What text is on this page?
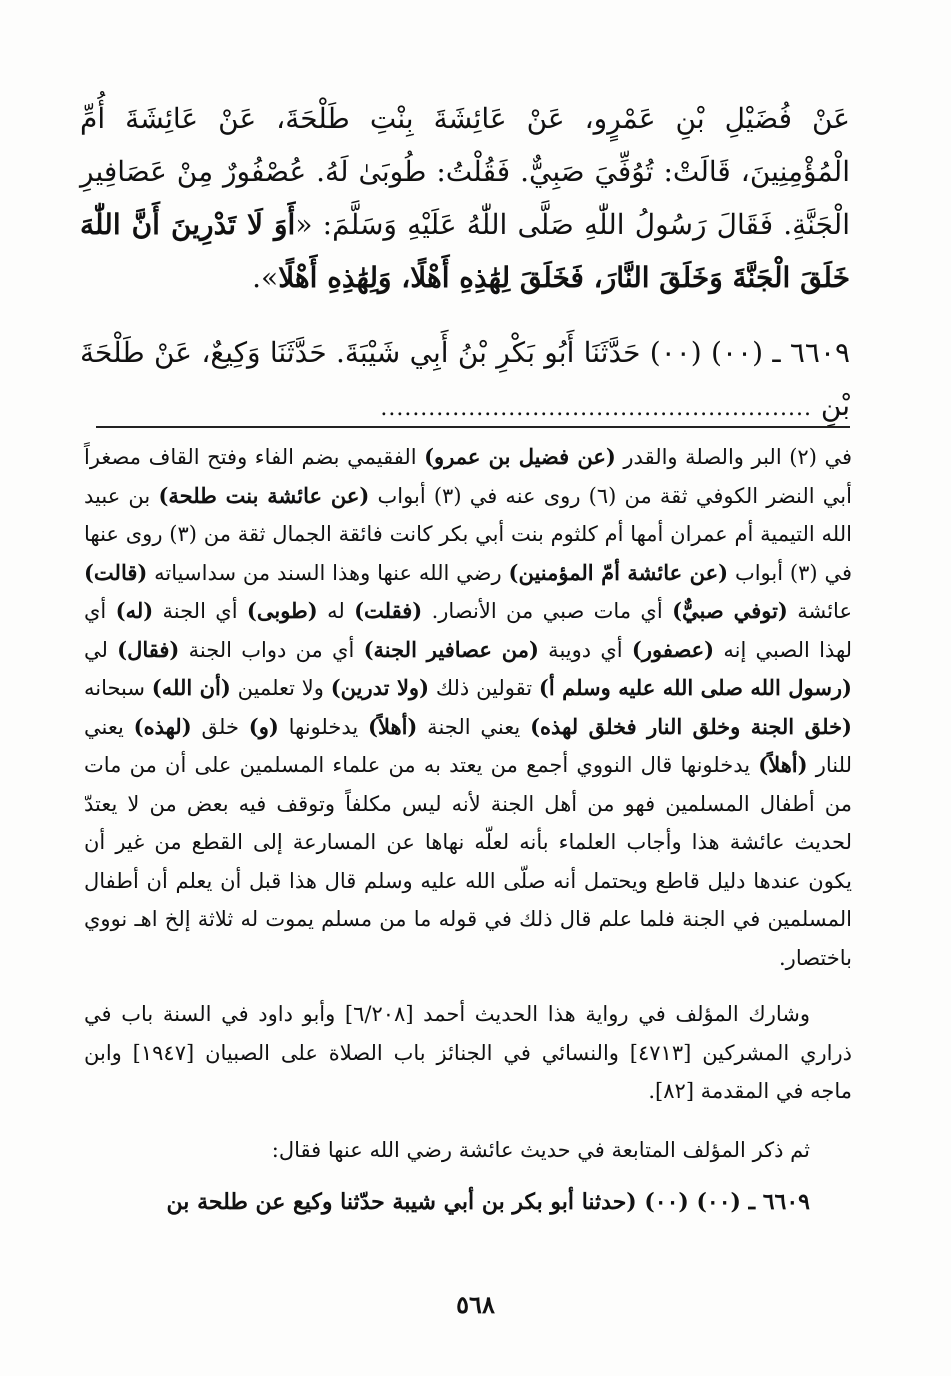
عَنْ فُضَيْلِ بْنِ عَمْرٍو، عَنْ عَائِشَةَ بِنْتِ طَلْحَةَ، عَنْ عَائِشَةَ أُمِّ الْمُؤْمِنِينَ، قَالَتْ: تُوُفِّيَ صَبِيٌّ. فَقُلْتُ: طُوبَىٰ لَهُ. عُصْفُورٌ مِنْ عَصَافِيرِ الْجَنَّةِ. فَقَالَ رَسُولُ اللّٰهِ صَلَّى اللّٰهُ عَلَيْهِ وَسَلَّمَ: «أَوَ لَا تَدْرِينَ أَنَّ اللّٰهَ خَلَقَ الْجَنَّةَ وَخَلَقَ النَّارَ، فَخَلَقَ لِهَٰذِهِ أَهْلًا، وَلِهَٰذِهِ أَهْلًا».

٦٦٠٩ ـ (٠٠) (٠٠) حَدَّثَنَا أَبُو بَكْرِ بْنُ أَبِي شَيْبَةَ. حَدَّثَنَا وَكِيعٌ، عَنْ طَلْحَةَ بْنِ ......................................................

في (٢) البر والصلة والقدر (عن فضيل بن عمرو) الفقيمي بضم الفاء وفتح القاف مصغراً أبي النضر الكوفي ثقة من (٦) روى عنه في (٣) أبواب (عن عائشة بنت طلحة) بن عبيد الله التيمية أم عمران أمها أم كلثوم بنت أبي بكر كانت فائقة الجمال ثقة من (٣) روى عنها في (٣) أبواب (عن عائشة أمّ المؤمنين) رضي الله عنها وهذا السند من سداسياته (قالت) عائشة (توفي صبيٌّ) أي مات صبي من الأنصار. (فقلت) له (طوبى) أي الجنة (له) أي لهذا الصبي إنه (عصفور) أي دويبة (من عصافير الجنة) أي من دواب الجنة (فقال) لي (رسول الله صلى الله عليه وسلم أ) تقولين ذلك (ولا تدرين) ولا تعلمين (أن الله) سبحانه (خلق الجنة وخلق النار فخلق لهذه) يعني الجنة (أهلاً) يدخلونها (و) خلق (لهذه) يعني للنار (أهلاً) يدخلونها قال النووي أجمع من يعتد به من علماء المسلمين على أن من مات من أطفال المسلمين فهو من أهل الجنة لأنه ليس مكلفاً وتوقف فيه بعض من لا يعتدّ لحديث عائشة هذا وأجاب العلماء بأنه لعلّه نهاها عن المسارعة إلى القطع من غير أن يكون عندها دليل قاطع ويحتمل أنه صلّى الله عليه وسلم قال هذا قبل أن يعلم أن أطفال المسلمين في الجنة فلما علم قال ذلك في قوله ما من مسلم يموت له ثلاثة إلخ اهـ نووي باختصار.

وشارك المؤلف في رواية هذا الحديث أحمد [٦/٢٠٨] وأبو داود في السنة باب في ذراري المشركين [٤٧١٣] والنسائي في الجنائز باب الصلاة على الصبيان [١٩٤٧] وابن ماجه في المقدمة [٨٢].

ثم ذكر المؤلف المتابعة في حديث عائشة رضي الله عنها فقال:

٦٦٠٩ ـ (٠٠) (٠٠) (حدثنا أبو بكر بن أبي شيبة حدّثنا وكيع عن طلحة بن

٥٦٨
